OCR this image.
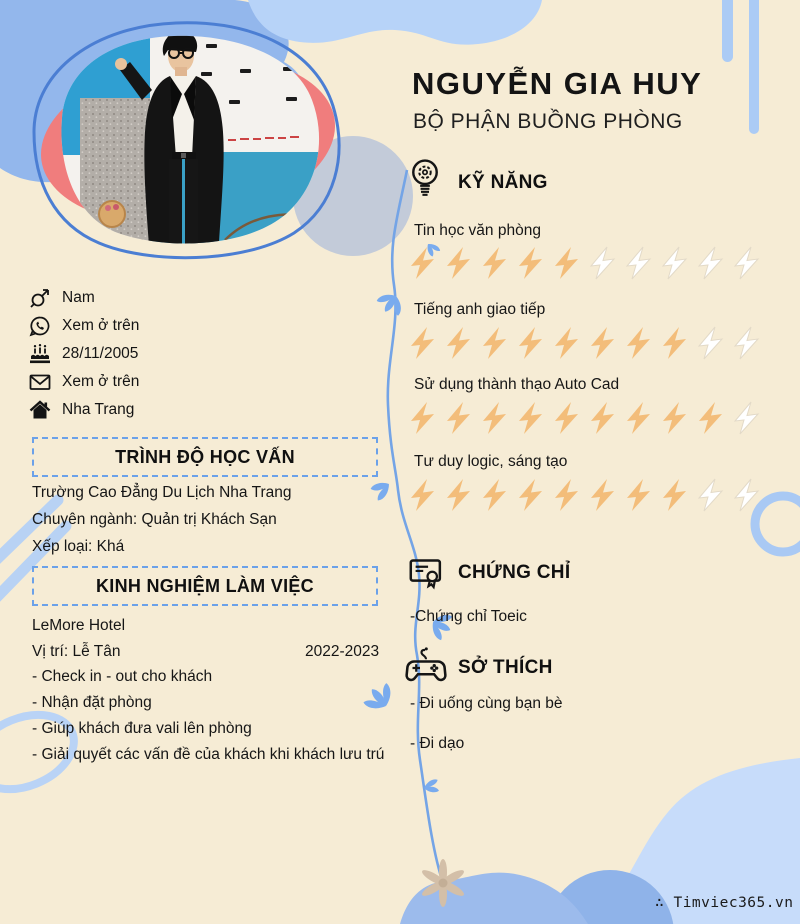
NGUYỄN GIA HUY
BỘ PHẬN BUỒNG PHÒNG
KỸ NĂNG
Tin học văn phòng
Tiếng anh giao tiếp
Sử dụng thành thạo Auto Cad
Tư duy logic, sáng tạo
Nam
Xem ở trên
28/11/2005
Xem ở trên
Nha Trang
TRÌNH ĐỘ HỌC VẤN
Trường Cao Đẳng Du Lịch Nha Trang
Chuyên ngành: Quản trị Khách Sạn
Xếp loại: Khá
KINH NGHIỆM LÀM VIỆC
LeMore Hotel
Vị trí: Lễ Tân	2022-2023
- Check in - out cho khách
- Nhận đặt phòng
- Giúp khách đưa vali lên phòng
- Giải quyết các vấn đề của khách khi khách lưu trú
CHỨNG CHỈ
-Chứng chỉ Toeic
SỞ THÍCH
- Đi uống cùng bạn bè
- Đi dạo
∴ Timviec365.vn
